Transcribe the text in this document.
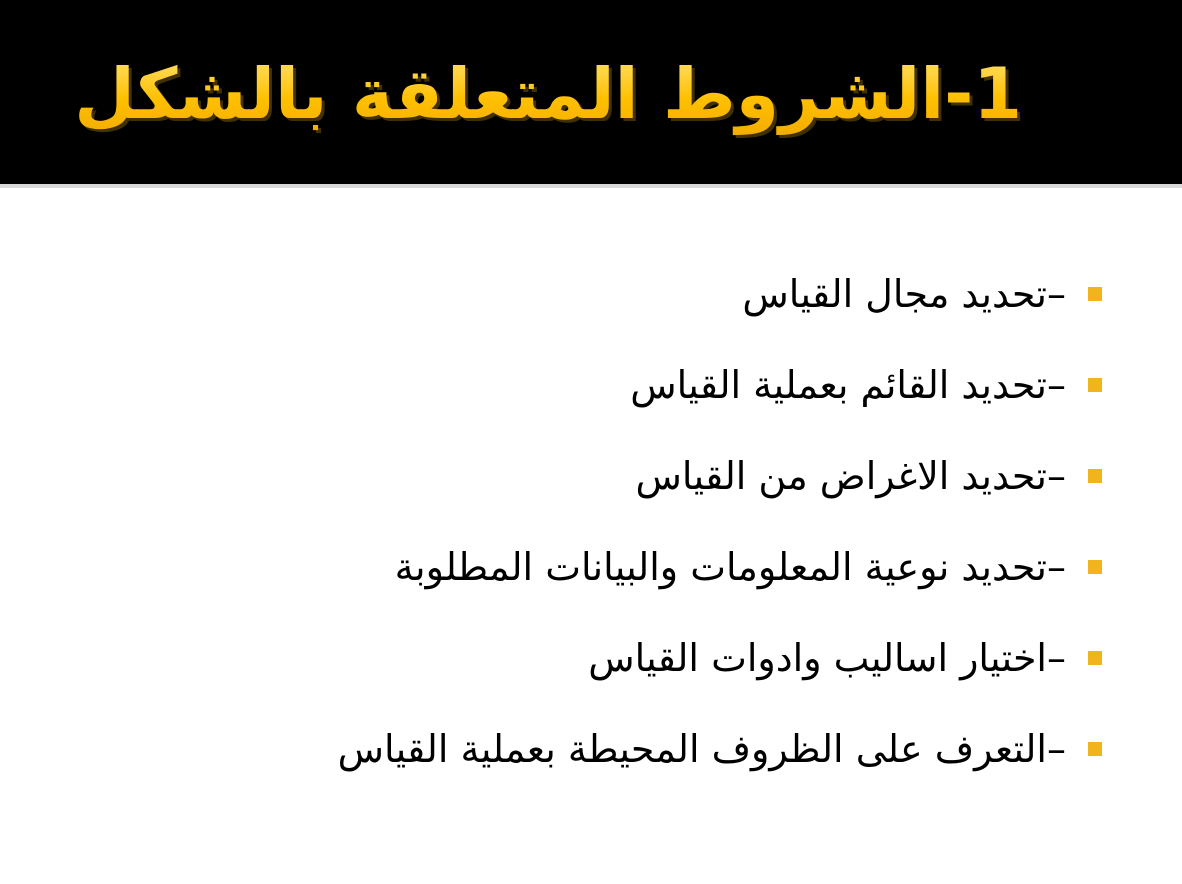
1-الشروط المتعلقة بالشكل
–تحديد مجال القياس
–تحديد القائم بعملية القياس
–تحديد الاغراض من القياس
–تحديد نوعية المعلومات والبيانات المطلوبة
–اختيار اساليب وادوات القياس
–التعرف على الظروف المحيطة بعملية القياس
